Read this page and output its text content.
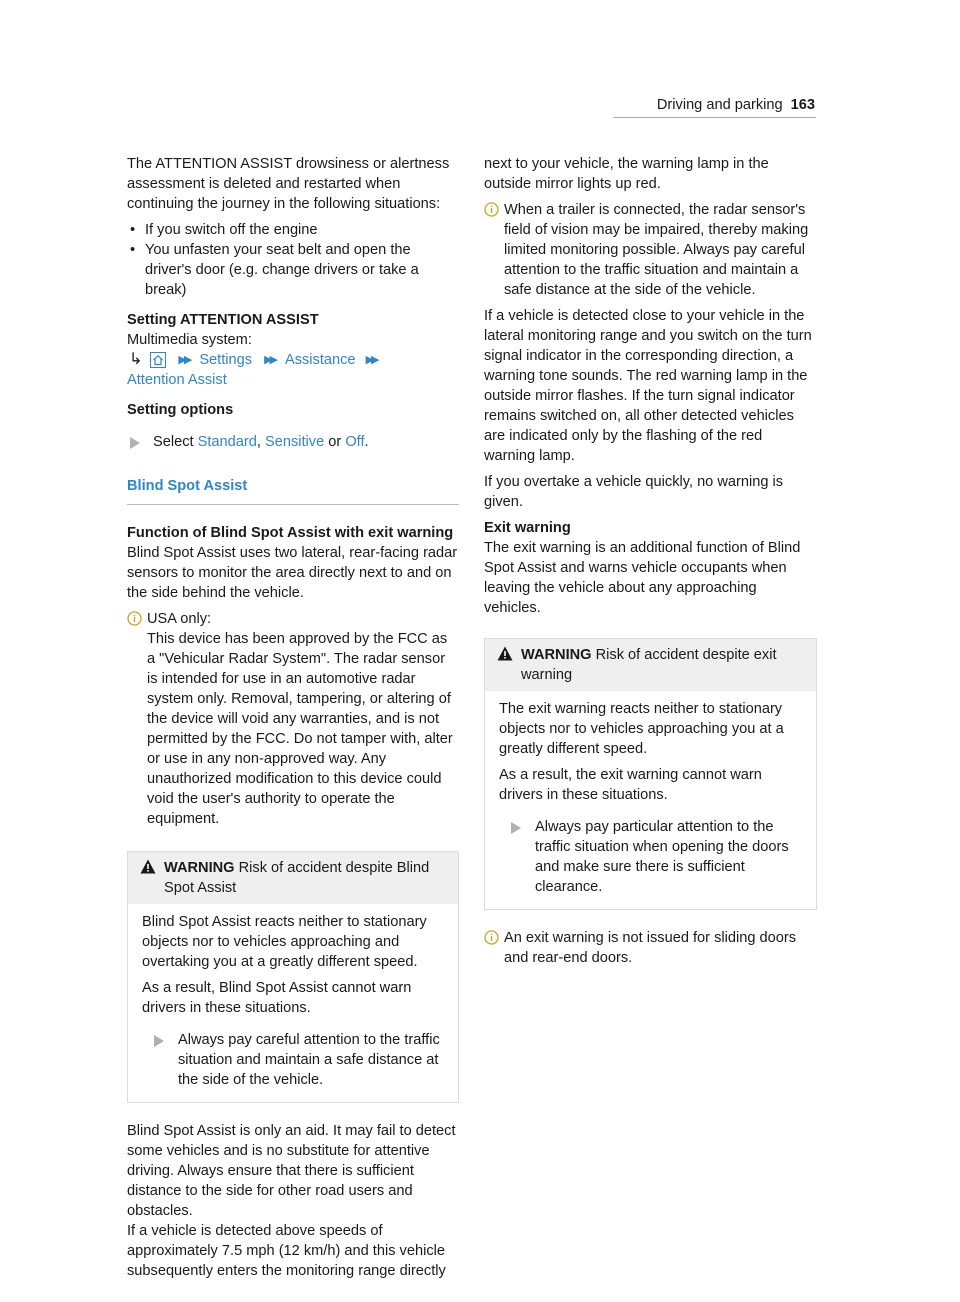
Driving and parking 163

The ATTENTION ASSIST drowsiness or alertness assessment is deleted and restarted when continuing the journey in the following situations:

• If you switch off the engine
• You unfasten your seat belt and open the driver's door (e.g. change drivers or take a break)

Setting ATTENTION ASSIST

Multimedia system:

↳	▶▶ Settings ▶▶ Assistance ▶▶
Attention Assist

Setting options

Select Standard, Sensitive or Off.
Blind Spot Assist

Function of Blind Spot Assist with exit warning

Blind Spot Assist uses two lateral, rear-facing radar sensors to monitor the area directly next to and on the side behind the vehicle.

USA only:

This device has been approved by the FCC as a "Vehicular Radar System". The radar sensor is intended for use in an automotive radar system only. Removal, tampering, or altering of the device will void any warranties, and is not permitted by the FCC. Do not tamper with, alter or use in any non-approved way. Any unauthorized modification to this device could void the user's authority to operate the equipment.

WARNING Risk of accident despite Blind Spot Assist

Blind Spot Assist reacts neither to stationary objects nor to vehicles approaching and overtaking you at a greatly different speed.

As a result, Blind Spot Assist cannot warn drivers in these situations.

Always pay careful attention to the traffic situation and maintain a safe distance at the side of the vehicle.

Blind Spot Assist is only an aid. It may fail to detect some vehicles and is no substitute for attentive driving. Always ensure that there is sufficient distance to the side for other road users and obstacles.

If a vehicle is detected above speeds of approximately 7.5 mph (12 km/h) and this vehicle subsequently enters the monitoring range directly

next to your vehicle, the warning lamp in the outside mirror lights up red.

When a trailer is connected, the radar sensor's field of vision may be impaired, thereby making limited monitoring possible. Always pay careful attention to the traffic situation and maintain a safe distance at the side of the vehicle.

If a vehicle is detected close to your vehicle in the lateral monitoring range and you switch on the turn signal indicator in the corresponding direction, a warning tone sounds. The red warning lamp in the outside mirror flashes. If the turn signal indicator remains switched on, all other detected vehicles are indicated only by the flashing of the red warning lamp.

If you overtake a vehicle quickly, no warning is given.

Exit warning

The exit warning is an additional function of Blind Spot Assist and warns vehicle occupants when leaving the vehicle about any approaching vehicles.

WARNING Risk of accident despite exit warning

The exit warning reacts neither to stationary objects nor to vehicles approaching you at a greatly different speed.

As a result, the exit warning cannot warn drivers in these situations.

Always pay particular attention to the traffic situation when opening the doors and make sure there is sufficient clearance.

An exit warning is not issued for sliding doors and rear-end doors.
